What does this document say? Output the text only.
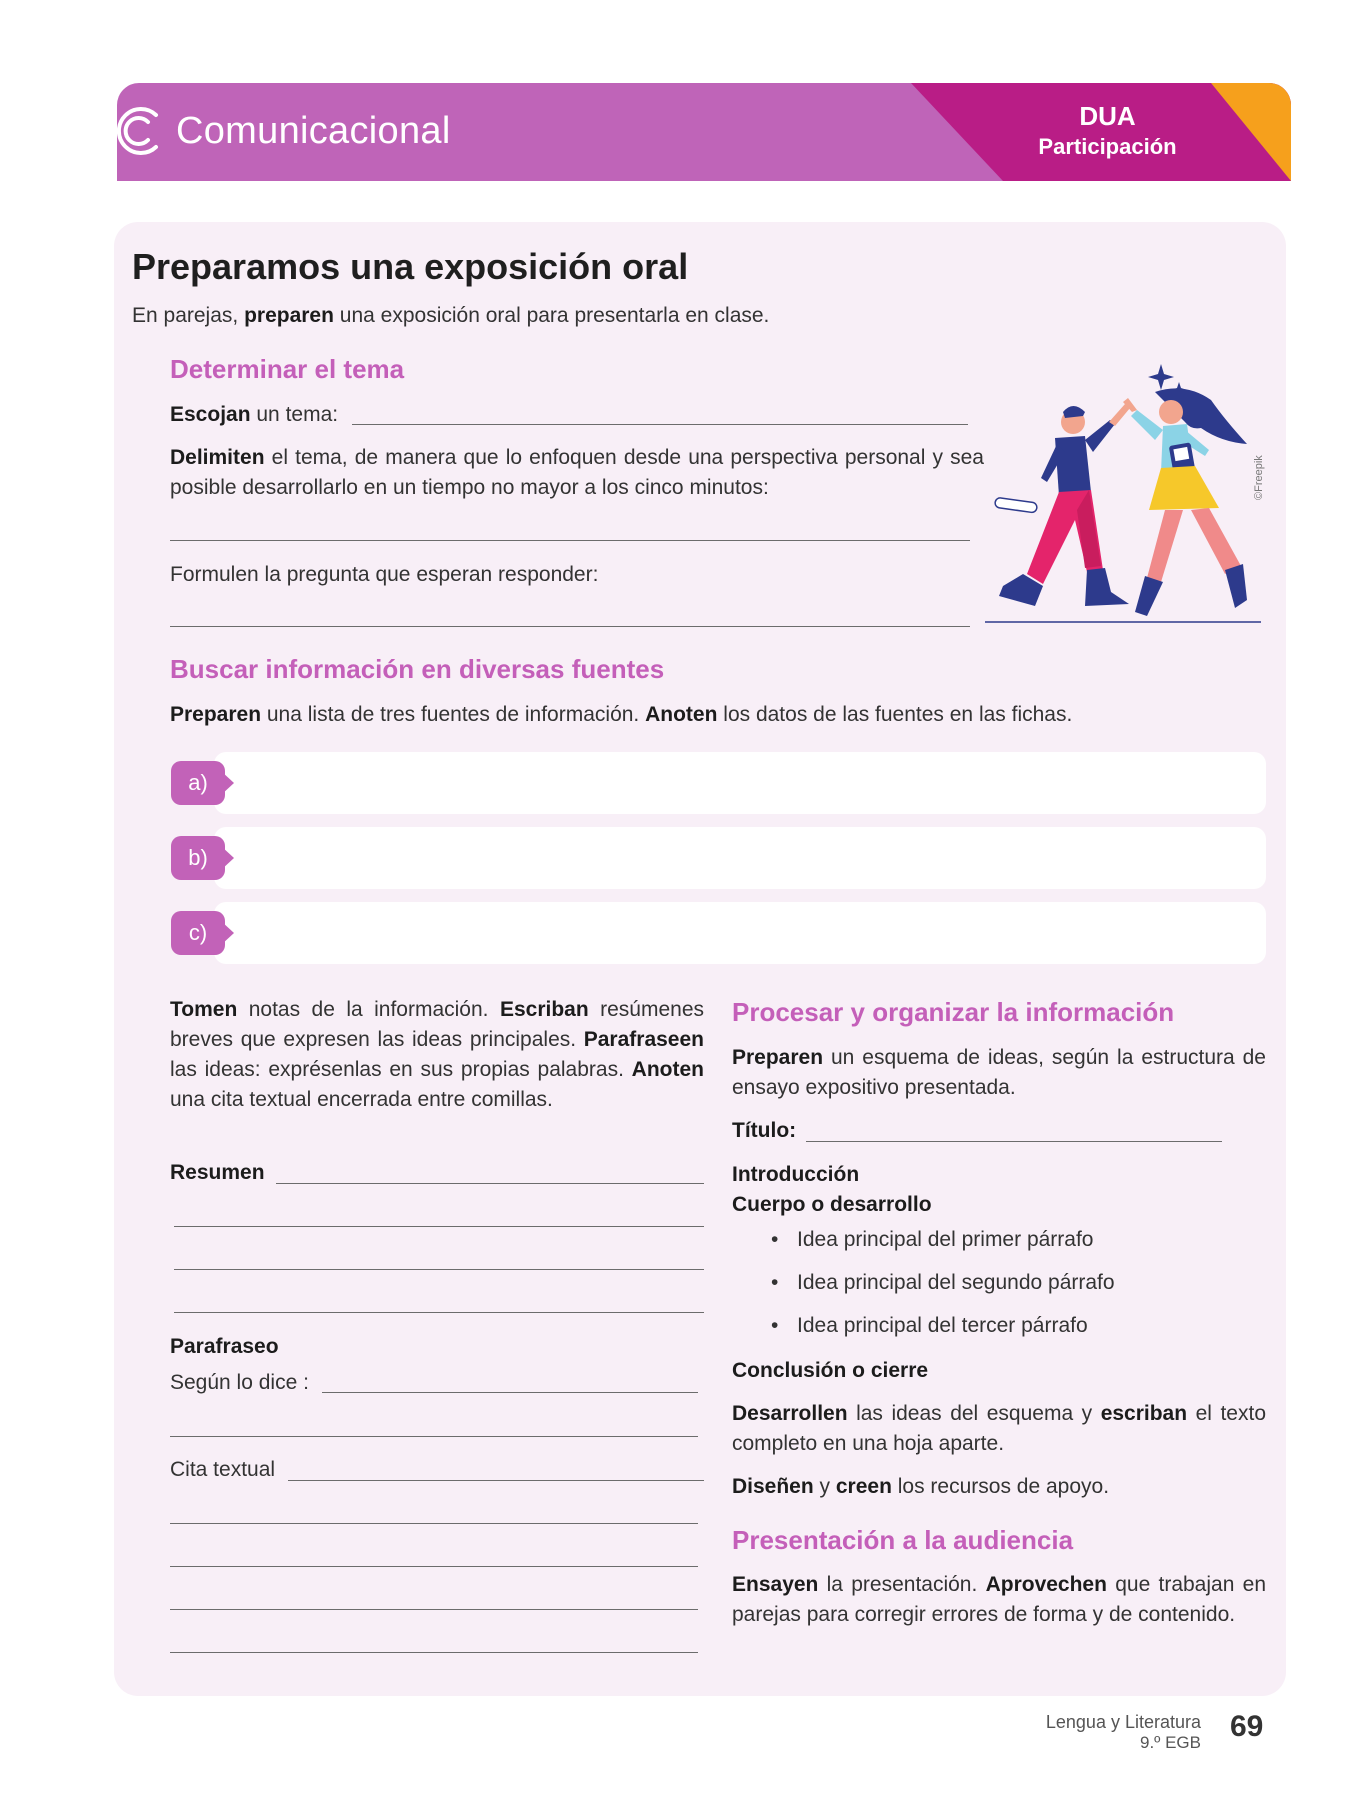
Comunicacional	DUA
Participación
Preparamos una exposición oral
En parejas, preparen una exposición oral para presentarla en clase.
Determinar el tema
Escojan un tema:
Delimiten el tema, de manera que lo enfoquen desde una perspectiva personal y sea posible desarrollarlo en un tiempo no mayor a los cinco minutos:
Formulen la pregunta que esperan responder:
©Freepik
Buscar información en diversas fuentes
Preparen una lista de tres fuentes de información. Anoten los datos de las fuentes en las fichas.
a)
b)
c)
Tomen notas de la información. Escriban resúmenes breves que expresen las ideas principales. Parafraseen las ideas: exprésenlas en sus propias palabras. Anoten una cita textual encerrada entre comillas.
Resumen
Parafraseo
Según lo dice :
Cita textual
Procesar y organizar la información
Preparen un esquema de ideas, según la estructura de ensayo expositivo presentada.
Título:
Introducción
Cuerpo o desarrollo
• Idea principal del primer párrafo
• Idea principal del segundo párrafo
• Idea principal del tercer párrafo
Conclusión o cierre
Desarrollen las ideas del esquema y escriban el texto completo en una hoja aparte.
Diseñen y creen los recursos de apoyo.
Presentación a la audiencia
Ensayen la presentación. Aprovechen que trabajan en parejas para corregir errores de forma y de contenido.
Lengua y Literatura
9.º EGB 69
